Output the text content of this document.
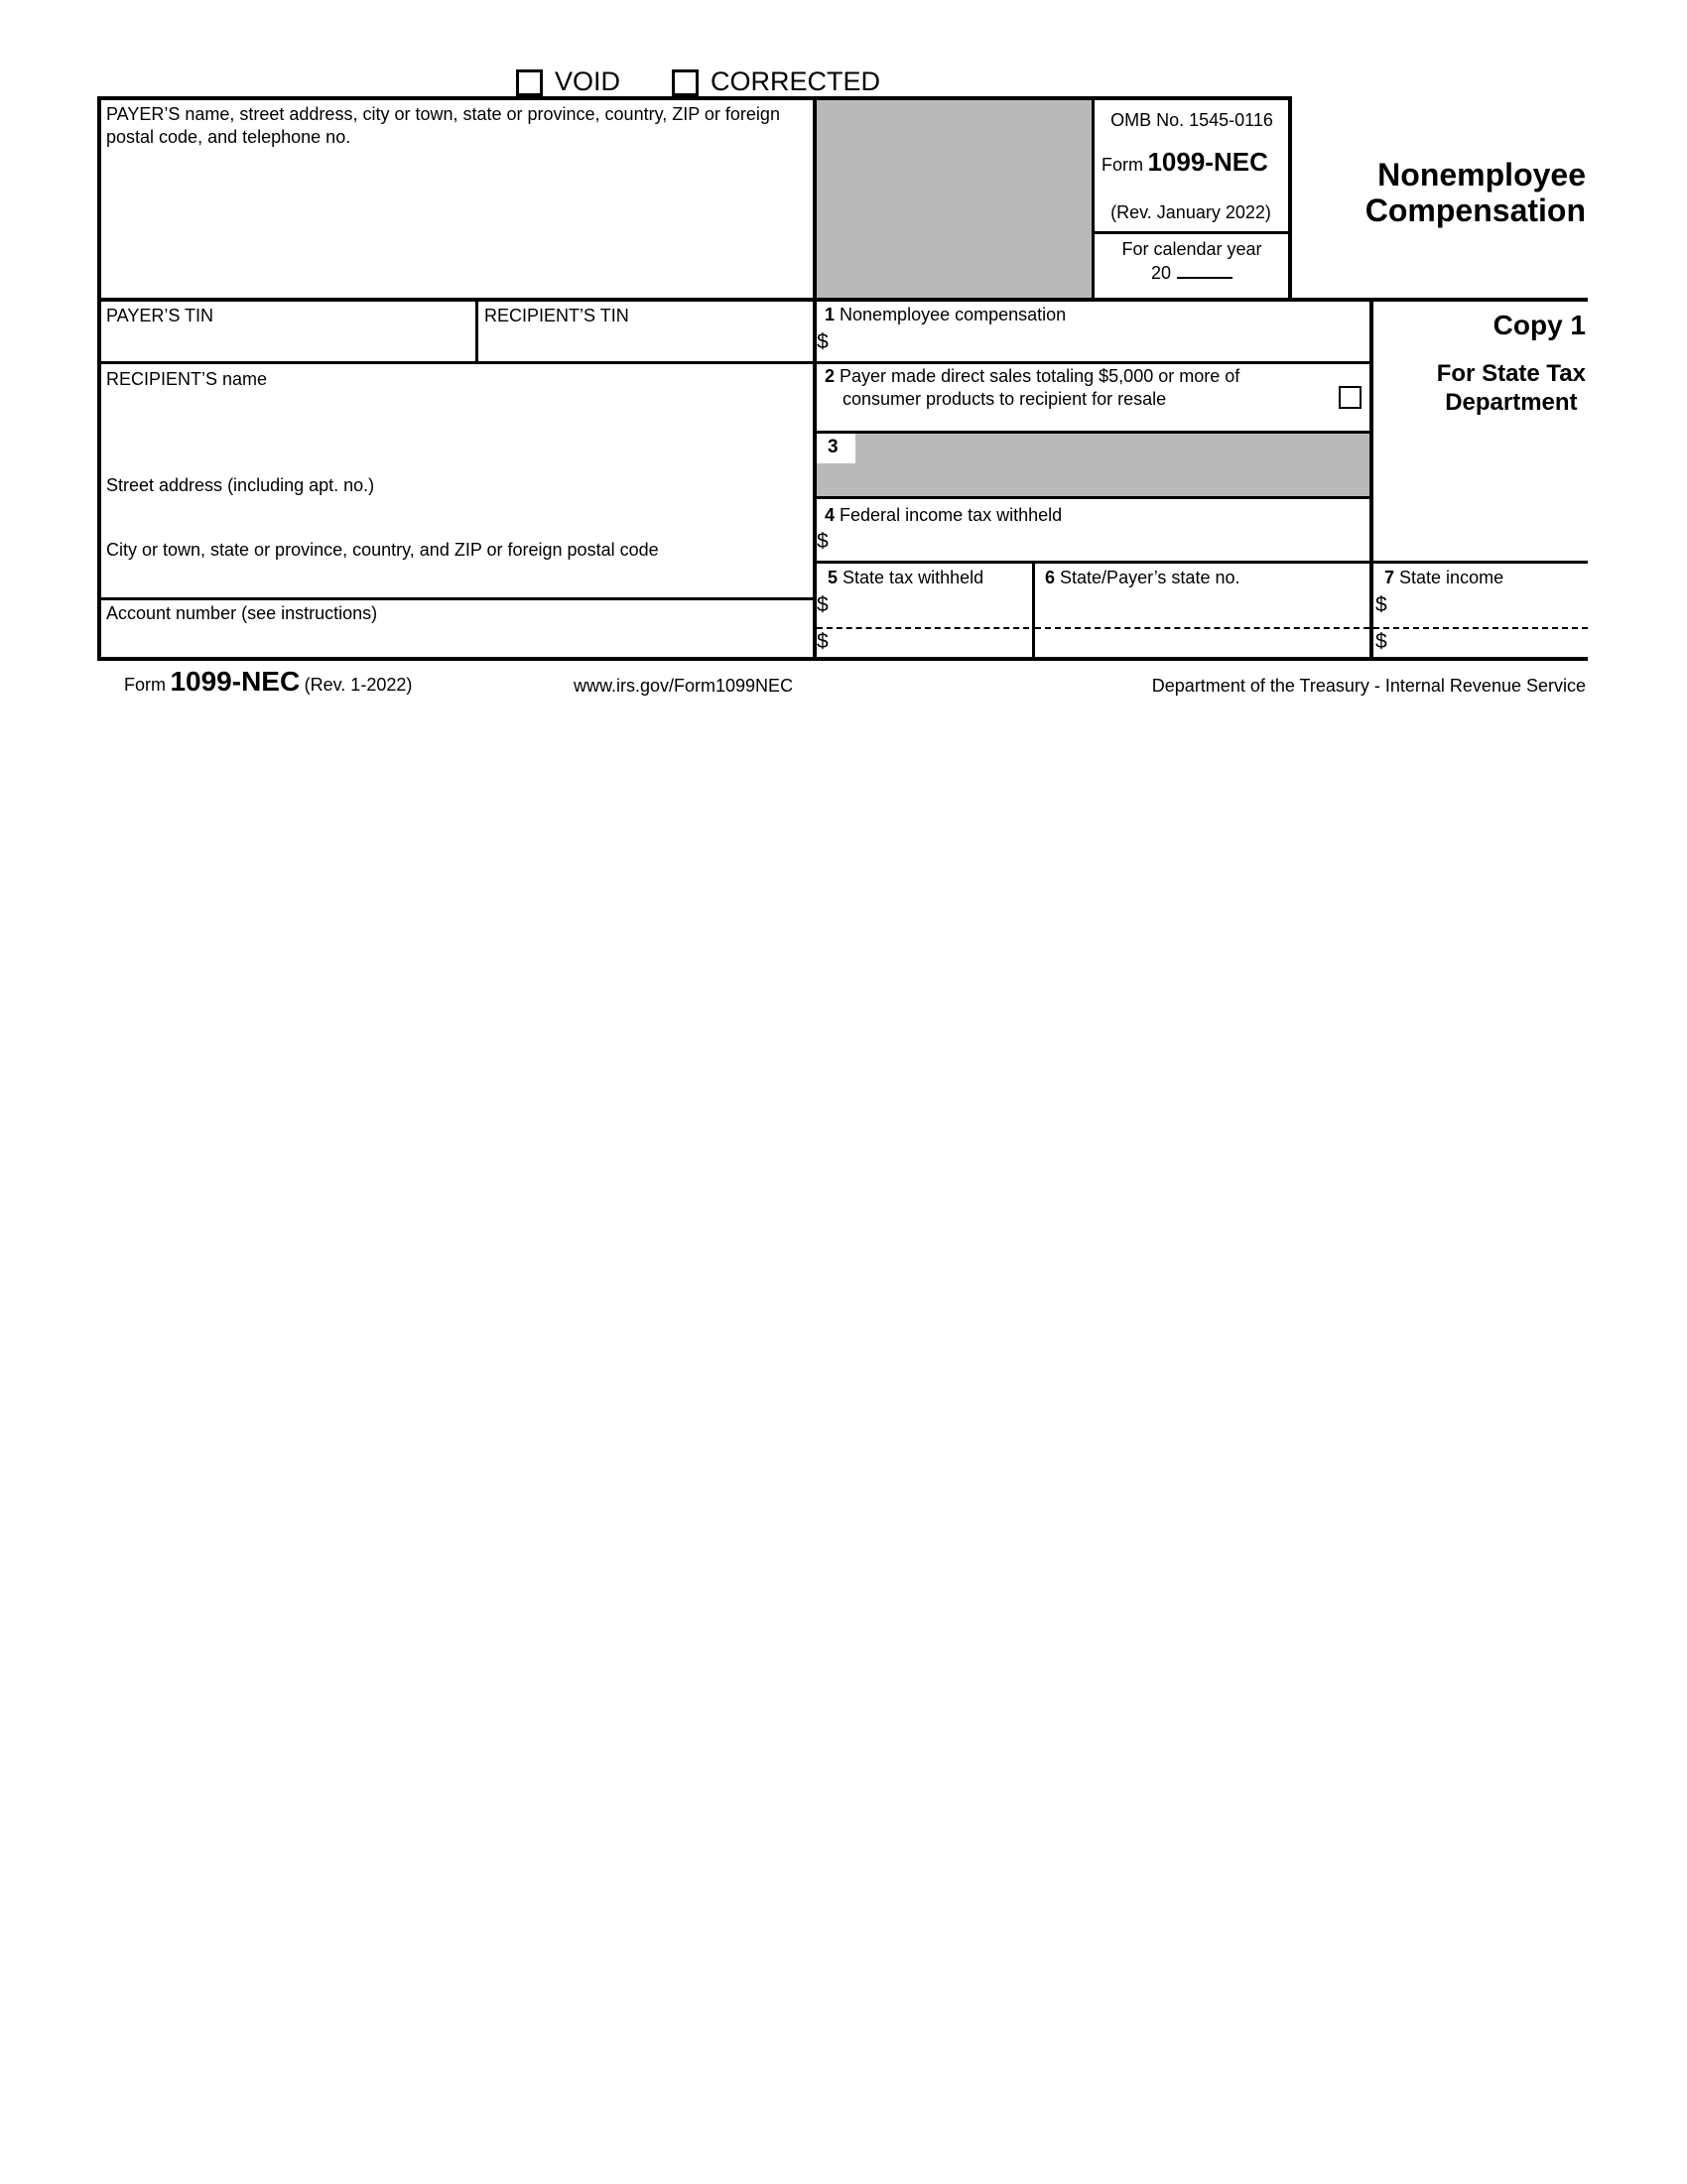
VOID	CORRECTED
3
PAYER’S name, street address, city or town, state or province, country, ZIP or foreign postal code, and telephone no.
OMB No. 1545-0116
Form 1099-NEC
(Rev. January 2022)
For calendar year
20
Nonemployee
Compensation
Copy 1
For State Tax
Department
PAYER’S TIN	RECIPIENT’S TIN
RECIPIENT’S name
Street address (including apt. no.)
City or town, state or province, country, and ZIP or foreign postal code
Account number (see instructions)
1 Nonemployee compensation
$
2 Payer made direct sales totaling $5,000 or more of
consumer products to recipient for resale
4 Federal income tax withheld
$
5 State tax withheld
$
$
6 State/Payer’s state no.	7 State income
$
$
Form 1099-NEC (Rev. 1-2022)	www.irs.gov/Form1099NEC	Department of the Treasury - Internal Revenue Service
